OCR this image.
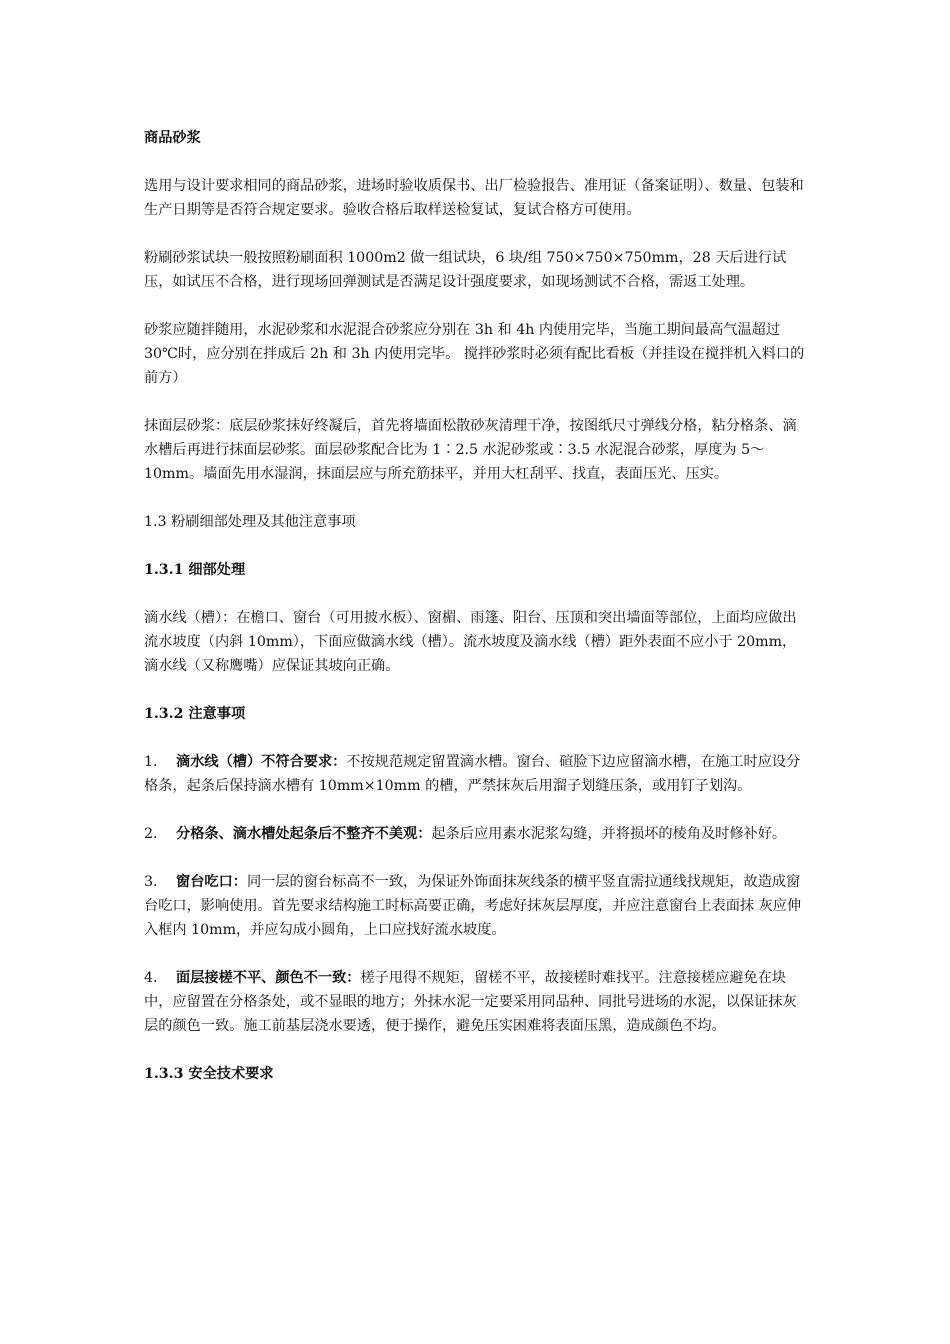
商品砂浆
选用与设计要求相同的商品砂浆，进场时验收质保书、出厂检验报告、准用证（备案证明）、数量、包装和生产日期等是否符合规定要求。验收合格后取样送检复试，复试合格方可使用。
粉刷砂浆试块一般按照粉刷面积 1000m2 做一组试块，6 块/组 750×750×750mm，28 天后进行试压，如试压不合格，进行现场回弹测试是否满足设计强度要求，如现场测试不合格，需返工处理。
砂浆应随拌随用，水泥砂浆和水泥混合砂浆应分别在 3h 和 4h 内使用完毕，当施工期间最高气温超过 30℃时，应分别在拌成后 2h 和 3h 内使用完毕。 搅拌砂浆时必须有配比看板（并挂设在搅拌机入料口的前方）
抹面层砂浆：底层砂浆抹好终凝后，首先将墙面松散砂灰清理干净，按图纸尺寸弹线分格，粘分格条、滴水槽后再进行抹面层砂浆。面层砂浆配合比为 1∶2.5 水泥砂浆或∶3.5 水泥混合砂浆，厚度为 5～10mm。墙面先用水湿润，抹面层应与所充筋抹平，并用大杠刮平、找直，表面压光、压实。
1.3 粉刷细部处理及其他注意事项
1.3.1 细部处理
滴水线（槽）：在檐口、窗台（可用披水板）、窗楣、雨篷、阳台、压顶和突出墙面等部位，上面均应做出流水坡度（内斜 10mm），下面应做滴水线（槽）。流水坡度及滴水线（槽）距外表面不应小于 20mm，滴水线（又称鹰嘴）应保证其坡向正确。
1.3.2 注意事项
1. 滴水线（槽）不符合要求：不按规范规定留置滴水槽。窗台、碹脸下边应留滴水槽，在施工时应设分格条，起条后保持滴水槽有 10mm×10mm 的槽，严禁抹灰后用溜子划缝压条，或用钉子划沟。
2. 分格条、滴水槽处起条后不整齐不美观：起条后应用素水泥浆勾缝，并将损坏的棱角及时修补好。
3. 窗台吃口：同一层的窗台标高不一致，为保证外饰面抹灰线条的横平竖直需拉通线找规矩，故造成窗台吃口，影响使用。首先要求结构施工时标高要正确，考虑好抹灰层厚度，并应注意窗台上表面抹 灰应伸入框内 10mm，并应勾成小圆角，上口应找好流水坡度。
4. 面层接槎不平、颜色不一致：槎子甩得不规矩，留槎不平，故接槎时难找平。注意接槎应避免在块中，应留置在分格条处，或不显眼的地方；外抹水泥一定要采用同品种、同批号进场的水泥，以保证抹灰层的颜色一致。施工前基层浇水要透，便于操作，避免压实困难将表面压黑，造成颜色不均。
1.3.3 安全技术要求
